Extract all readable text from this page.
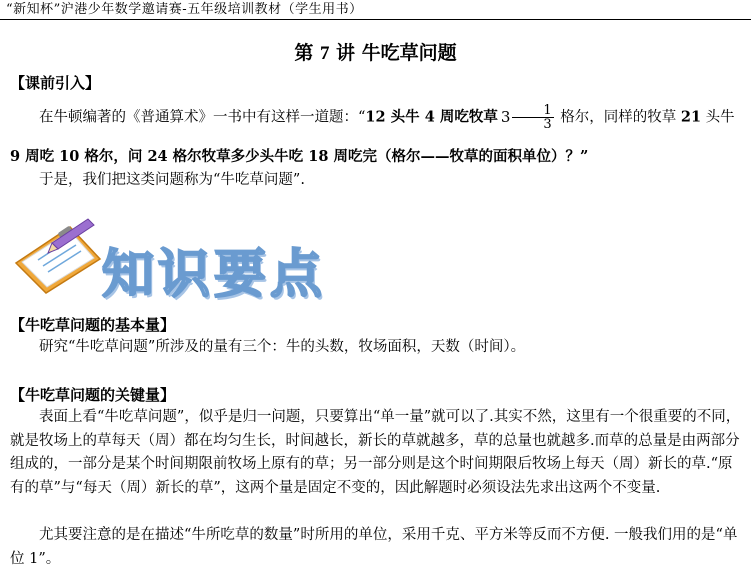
“新知杯”沪港少年数学邀请赛-五年级培训教材（学生用书）
第 7 讲 牛吃草问题
【课前引入】
在牛顿编著的《普通算术》一书中有这样一道题：“12 头牛 4 周吃牧草 $3 \frac{1}{3}$ 格尔，同样的牧草 21 头牛
9 周吃 10 格尔，问 24 格尔牧草多少头牛吃 18 周吃完（格尔——牧草的面积单位）？”
于是，我们把这类问题称为“牛吃草问题”.
知识要点
【牛吃草问题的基本量】
研究“牛吃草问题”所涉及的量有三个：牛的头数，牧场面积，天数（时间）。
【牛吃草问题的关键量】
表面上看“牛吃草问题”，似乎是归一问题，只要算出“单一量”就可以了.其实不然，这里有一个很重要的不同，就是牧场上的草每天（周）都在均匀生长，时间越长，新长的草就越多，草的总量也就越多.而草的总量是由两部分组成的，一部分是某个时间期限前牧场上原有的草；另一部分则是这个时间期限后牧场上每天（周）新长的草.“原有的草”与“每天（周）新长的草”，这两个量是固定不变的，因此解题时必须设法先求出这两个不变量.
尤其要注意的是在描述“牛所吃草的数量”时所用的单位，采用千克、平方米等反而不方便. 一般我们用的是“单位 1”。
